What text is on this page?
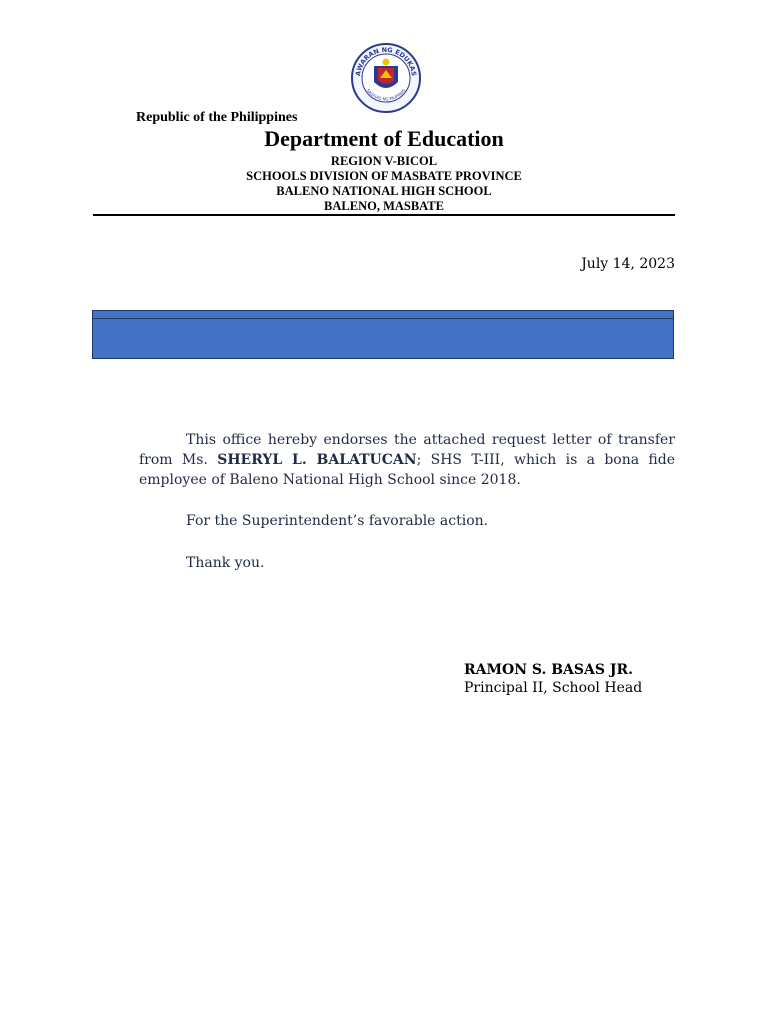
AWARAN NG EDUKAS
SAGISAG NG PILIPINAS
Republic of the Philippines
Department of Education
REGION V-BICOL
SCHOOLS DIVISION OF MASBATE PROVINCE
BALENO NATIONAL HIGH SCHOOL
BALENO, MASBATE
July 14, 2023
This office hereby endorses the attached request letter of transfer from Ms. SHERYL L. BALATUCAN; SHS T-III, which is a bona fide employee of Baleno National High School since 2018.
For the Superintendent’s favorable action.
Thank you.
RAMON S. BASAS JR.
Principal II, School Head
